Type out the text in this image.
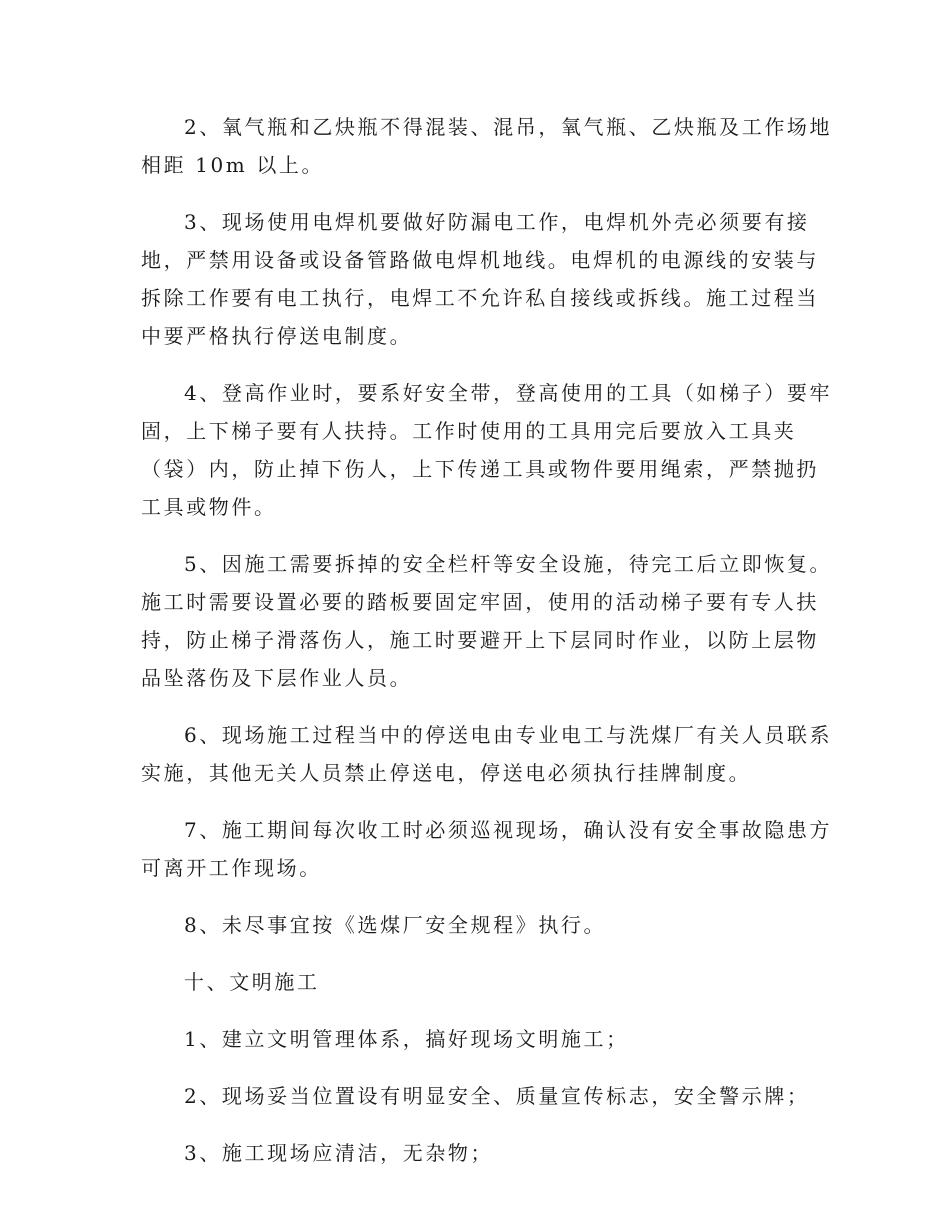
2、氧气瓶和乙炔瓶不得混装、混吊，氧气瓶、乙炔瓶及工作场地
相距 10m 以上。

3、现场使用电焊机要做好防漏电工作，电焊机外壳必须要有接
地，严禁用设备或设备管路做电焊机地线。电焊机的电源线的安装与
拆除工作要有电工执行，电焊工不允许私自接线或拆线。施工过程当
中要严格执行停送电制度。

4、登高作业时，要系好安全带，登高使用的工具（如梯子）要牢
固，上下梯子要有人扶持。工作时使用的工具用完后要放入工具夹
（袋）内，防止掉下伤人，上下传递工具或物件要用绳索，严禁抛扔
工具或物件。

5、因施工需要拆掉的安全栏杆等安全设施，待完工后立即恢复。
施工时需要设置必要的踏板要固定牢固，使用的活动梯子要有专人扶
持，防止梯子滑落伤人，施工时要避开上下层同时作业，以防上层物
品坠落伤及下层作业人员。

6、现场施工过程当中的停送电由专业电工与洗煤厂有关人员联系
实施，其他无关人员禁止停送电，停送电必须执行挂牌制度。

7、施工期间每次收工时必须巡视现场，确认没有安全事故隐患方
可离开工作现场。

8、未尽事宜按《选煤厂安全规程》执行。

十、文明施工

1、建立文明管理体系，搞好现场文明施工；

2、现场妥当位置设有明显安全、质量宣传标志，安全警示牌；

3、施工现场应清洁，无杂物；
